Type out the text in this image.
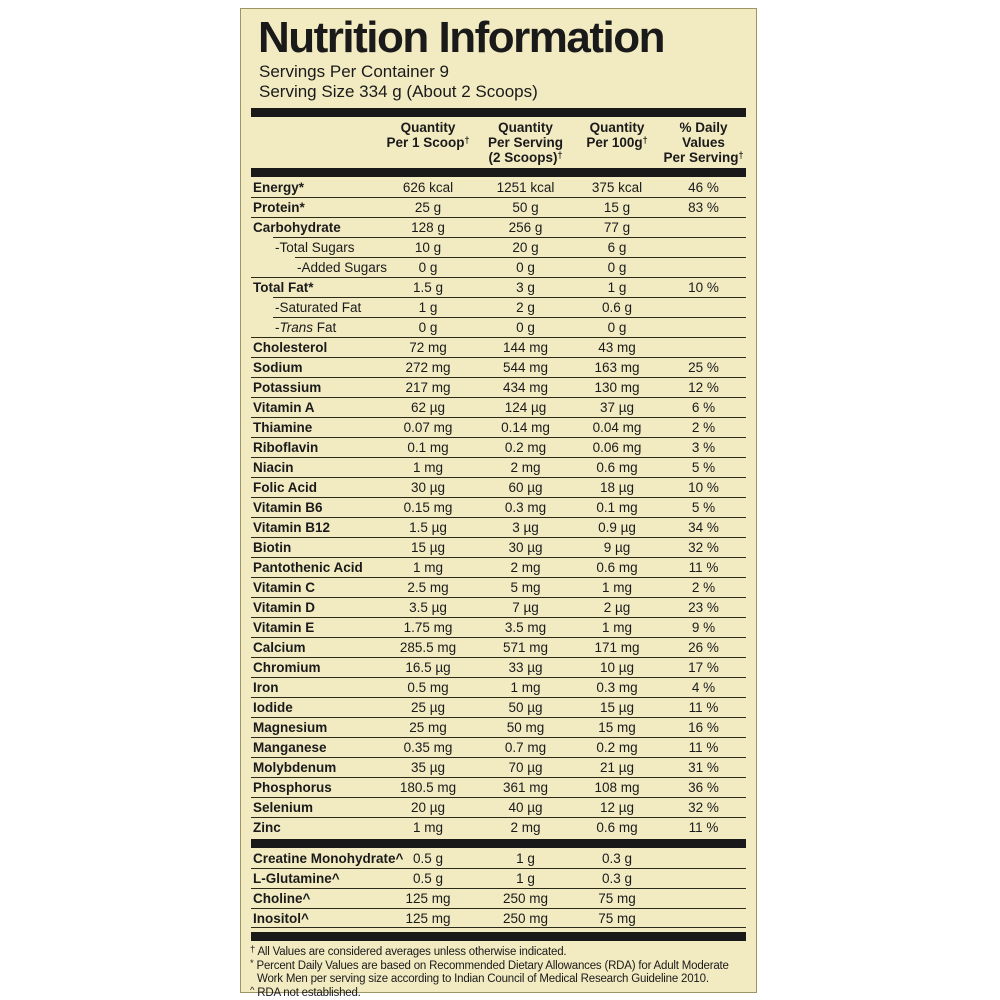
Nutrition Information
Servings Per Container 9
Serving Size 334 g (About 2 Scoops)
Quantity
Per 1 Scoop†
Quantity
Per Serving
(2 Scoops)†
Quantity
Per 100g†
% Daily
Values
Per Serving†
Energy*	626 kcal	1251 kcal	375 kcal	46 %
Protein*	25 g	50 g	15 g	83 %
Carbohydrate	128 g	256 g	77 g
-Total Sugars	10 g	20 g	6 g
-Added Sugars	0 g	0 g	0 g
Total Fat*	1.5 g	3 g	1 g	10 %
-Saturated Fat	1 g	2 g	0.6 g
-Trans Fat	0 g	0 g	0 g
Cholesterol	72 mg	144 mg	43 mg
Sodium	272 mg	544 mg	163 mg	25 %
Potassium	217 mg	434 mg	130 mg	12 %
Vitamin A	62 µg	124 µg	37 µg	6 %
Thiamine	0.07 mg	0.14 mg	0.04 mg	2 %
Riboflavin	0.1 mg	0.2 mg	0.06 mg	3 %
Niacin	1 mg	2 mg	0.6 mg	5 %
Folic Acid	30 µg	60 µg	18 µg	10 %
Vitamin B6	0.15 mg	0.3 mg	0.1 mg	5 %
Vitamin B12	1.5 µg	3 µg	0.9 µg	34 %
Biotin	15 µg	30 µg	9 µg	32 %
Pantothenic Acid	1 mg	2 mg	0.6 mg	11 %
Vitamin C	2.5 mg	5 mg	1 mg	2 %
Vitamin D	3.5 µg	7 µg	2 µg	23 %
Vitamin E	1.75 mg	3.5 mg	1 mg	9 %
Calcium	285.5 mg	571 mg	171 mg	26 %
Chromium	16.5 µg	33 µg	10 µg	17 %
Iron	0.5 mg	1 mg	0.3 mg	4 %
Iodide	25 µg	50 µg	15 µg	11 %
Magnesium	25 mg	50 mg	15 mg	16 %
Manganese	0.35 mg	0.7 mg	0.2 mg	11 %
Molybdenum	35 µg	70 µg	21 µg	31 %
Phosphorus	180.5 mg	361 mg	108 mg	36 %
Selenium	20 µg	40 µg	12 µg	32 %
Zinc	1 mg	2 mg	0.6 mg	11 %
Creatine Monohydrate^ 0.5 g	1 g	0.3 g
L-Glutamine^	0.5 g	1 g	0.3 g
Choline^	125 mg	250 mg	75 mg
Inositol^	125 mg	250 mg	75 mg
† All Values are considered averages unless otherwise indicated.
* Percent Daily Values are based on Recommended Dietary Allowances (RDA) for Adult Moderate
Work Men per serving size according to Indian Council of Medical Research Guideline 2010.
^ RDA not established.
